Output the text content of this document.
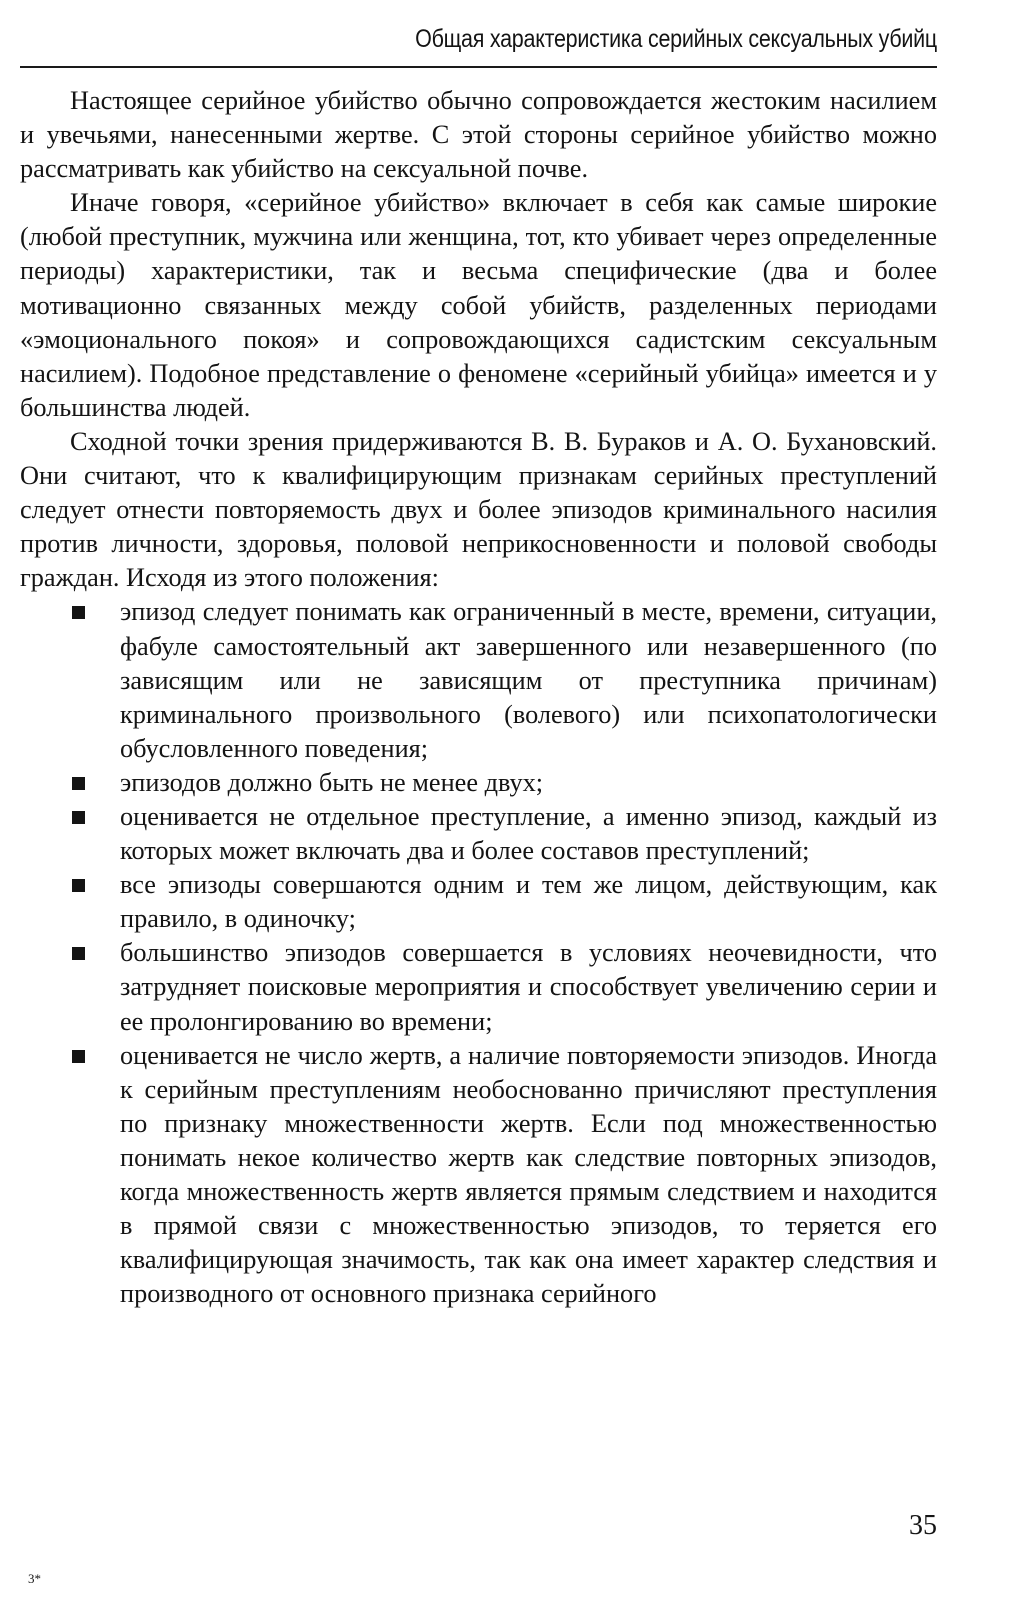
Общая характеристика серийных сексуальных убийц

Настоящее серийное убийство обычно сопровождается жестоким насилием и увечьями, нанесенными жертве. С этой стороны серийное убийство можно рассматривать как убийство на сексуальной почве.

Иначе говоря, «серийное убийство» включает в себя как самые широкие (любой преступник, мужчина или женщина, тот, кто убивает через определенные периоды) характеристики, так и весьма специфические (два и более мотивационно связанных между собой убийств, разделенных периодами «эмоционального покоя» и сопровождающихся садистским сексуальным насилием). Подобное представление о феномене «серийный убийца» имеется и у большинства людей.

Сходной точки зрения придерживаются В. В. Бураков и А. О. Бухановский. Они считают, что к квалифицирующим признакам серийных преступлений следует отнести повторяемость двух и более эпизодов криминального насилия против личности, здоровья, половой неприкосновенности и половой свободы граждан. Исходя из этого положения:

эпизод следует понимать как ограниченный в месте, времени, ситуации, фабуле самостоятельный акт завершенного или незавершенного (по зависящим или не зависящим от преступника причинам) криминального произвольного (волевого) или психопатологически обусловленного поведения;
эпизодов должно быть не менее двух;
оценивается не отдельное преступление, а именно эпизод, каждый из которых может включать два и более составов преступлений;
все эпизоды совершаются одним и тем же лицом, действующим, как правило, в одиночку;
большинство эпизодов совершается в условиях неочевидности, что затрудняет поисковые мероприятия и способствует увеличению серии и ее пролонгированию во времени;
оценивается не число жертв, а наличие повторяемости эпизодов. Иногда к серийным преступлениям необоснованно причисляют преступления по признаку множественности жертв. Если под множественностью понимать некое количество жертв как следствие повторных эпизодов, когда множественность жертв является прямым следствием и находится в прямой связи с множественностью эпизодов, то теряется его квалифицирующая значимость, так как она имеет характер следствия и производного от основного признака серийного
35
3*
